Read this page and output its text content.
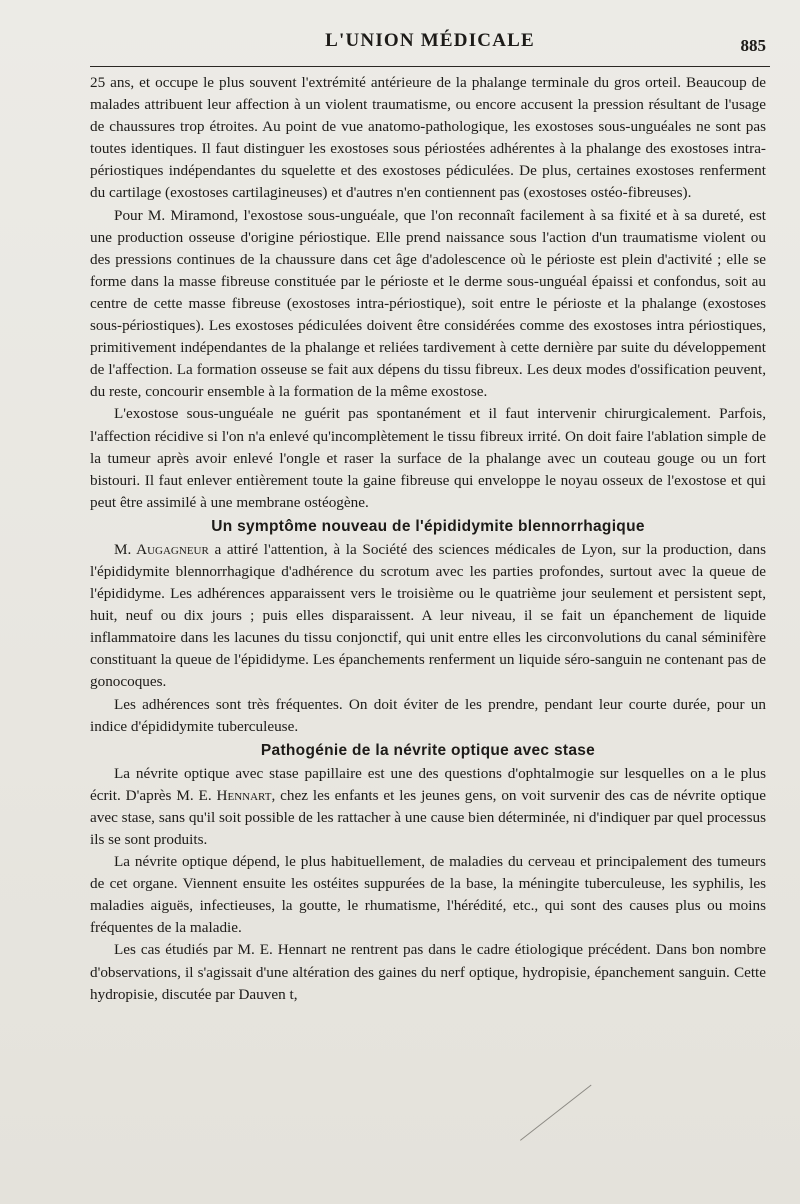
L'UNION MÉDICALE	885

25 ans, et occupe le plus souvent l'extrémité antérieure de la phalange terminale du gros orteil. Beaucoup de malades attribuent leur affection à un violent traumatisme, ou encore accusent la pression résultant de l'usage de chaussures trop étroites. Au point de vue anatomo-pathologique, les exostoses sous-unguéales ne sont pas toutes identiques. Il faut distinguer les exostoses sous périostées adhérentes à la phalange des exostoses intra-périostiques indépendantes du squelette et des exostoses pédiculées. De plus, certaines exostoses renferment du cartilage (exostoses cartilagineuses) et d'autres n'en contiennent pas (exostoses ostéo-fibreuses).

Pour M. Miramond, l'exostose sous-unguéale, que l'on reconnaît facilement à sa fixité et à sa dureté, est une production osseuse d'origine périostique. Elle prend naissance sous l'action d'un traumatisme violent ou des pressions continues de la chaussure dans cet âge d'adolescence où le périoste est plein d'activité ; elle se forme dans la masse fibreuse constituée par le périoste et le derme sous-unguéal épaissi et confondus, soit au centre de cette masse fibreuse (exostoses intra-périostique), soit entre le périoste et la phalange (exostoses sous-périostiques). Les exostoses pédiculées doivent être considérées comme des exostoses intra périostiques, primitivement indépendantes de la phalange et reliées tardivement à cette dernière par suite du développement de l'affection. La formation osseuse se fait aux dépens du tissu fibreux. Les deux modes d'ossification peuvent, du reste, concourir ensemble à la formation de la même exostose.

L'exostose sous-unguéale ne guérit pas spontanément et il faut intervenir chirurgicalement. Parfois, l'affection récidive si l'on n'a enlevé qu'incomplètement le tissu fibreux irrité. On doit faire l'ablation simple de la tumeur après avoir enlevé l'ongle et raser la surface de la phalange avec un couteau gouge ou un fort bistouri. Il faut enlever entièrement toute la gaine fibreuse qui enveloppe le noyau osseux de l'exostose et qui peut être assimilé à une membrane ostéogène.

Un symptôme nouveau de l'épididymite blennorrhagique

M. Augagneur a attiré l'attention, à la Société des sciences médicales de Lyon, sur la production, dans l'épididymite blennorrhagique d'adhérence du scrotum avec les parties profondes, surtout avec la queue de l'épididyme. Les adhérences apparaissent vers le troisième ou le quatrième jour seulement et persistent sept, huit, neuf ou dix jours ; puis elles disparaissent. A leur niveau, il se fait un épanchement de liquide inflammatoire dans les lacunes du tissu conjonctif, qui unit entre elles les circonvolutions du canal séminifère constituant la queue de l'épididyme. Les épanchements renferment un liquide séro-sanguin ne contenant pas de gonocoques.

Les adhérences sont très fréquentes. On doit éviter de les prendre, pendant leur courte durée, pour un indice d'épididymite tuberculeuse.

Pathogénie de la névrite optique avec stase

La névrite optique avec stase papillaire est une des questions d'ophtalmogie sur lesquelles on a le plus écrit. D'après M. E. Hennart, chez les enfants et les jeunes gens, on voit survenir des cas de névrite optique avec stase, sans qu'il soit possible de les rattacher à une cause bien déterminée, ni d'indiquer par quel processus ils se sont produits.

La névrite optique dépend, le plus habituellement, de maladies du cerveau et principalement des tumeurs de cet organe. Viennent ensuite les ostéites suppurées de la base, la méningite tuberculeuse, les syphilis, les maladies aiguës, infectieuses, la goutte, le rhumatisme, l'hérédité, etc., qui sont des causes plus ou moins fréquentes de la maladie.

Les cas étudiés par M. E. Hennart ne rentrent pas dans le cadre étiologique précédent. Dans bon nombre d'observations, il s'agissait d'une altération des gaines du nerf optique, hydropisie, épanchement sanguin. Cette hydropisie, discutée par Dauven t,
